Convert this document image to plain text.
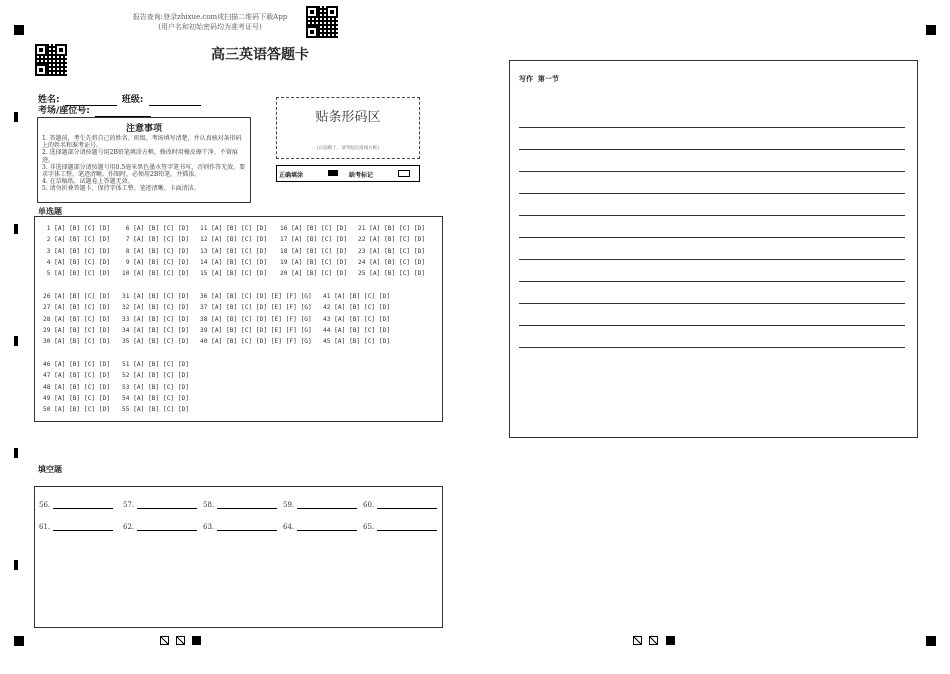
报告查询:登录zhixue.com或扫描二维码下载App
(用户名和初始密码均为准考证号)
高三英语答题卡
姓名:	班级:
考场/座位号:
注意事项
1. 答题前，考生先将自己的姓名、班级、考场填写清楚，并认真核对条形码上的姓名和准考证号。
2. 选择题部分请按题号用2B铅笔填涂方框，修改时用橡皮擦干净，不留痕迹。
3. 非选择题部分请按题号用0.5毫米黑色墨水签字笔书写，否则作答无效。要求字体工整、笔迹清晰。作图时，必须用2B铅笔，并描浓。
4. 在草稿纸、试题卷上答题无效。
5. 请勿折叠答题卡，保持字体工整、笔迹清晰、卡面清洁。
贴条形码区
(正面朝上，请勿贴出虚线方框)
正确填涂	缺考标记
单选题
1 [A] [B] [C] [D] 6 [A] [B] [C] [D] 11 [A] [B] [C] [D] 16 [A] [B] [C] [D] 21 [A] [B] [C] [D]
2 [A] [B] [C] [D] 7 [A] [B] [C] [D] 12 [A] [B] [C] [D] 17 [A] [B] [C] [D] 22 [A] [B] [C] [D]
3 [A] [B] [C] [D] 8 [A] [B] [C] [D] 13 [A] [B] [C] [D] 18 [A] [B] [C] [D] 23 [A] [B] [C] [D]
4 [A] [B] [C] [D] 9 [A] [B] [C] [D] 14 [A] [B] [C] [D] 19 [A] [B] [C] [D] 24 [A] [B] [C] [D]
5 [A] [B] [C] [D] 10 [A] [B] [C] [D] 15 [A] [B] [C] [D] 20 [A] [B] [C] [D] 25 [A] [B] [C] [D]
26 [A] [B] [C] [D] 31 [A] [B] [C] [D] 36 [A] [B] [C] [D] [E] [F] [G] 41 [A] [B] [C] [D]
27 [A] [B] [C] [D] 32 [A] [B] [C] [D] 37 [A] [B] [C] [D] [E] [F] [G] 42 [A] [B] [C] [D]
28 [A] [B] [C] [D] 33 [A] [B] [C] [D] 38 [A] [B] [C] [D] [E] [F] [G] 43 [A] [B] [C] [D]
29 [A] [B] [C] [D] 34 [A] [B] [C] [D] 39 [A] [B] [C] [D] [E] [F] [G] 44 [A] [B] [C] [D]
30 [A] [B] [C] [D] 35 [A] [B] [C] [D] 40 [A] [B] [C] [D] [E] [F] [G] 45 [A] [B] [C] [D]
46 [A] [B] [C] [D] 51 [A] [B] [C] [D]
47 [A] [B] [C] [D] 52 [A] [B] [C] [D]
48 [A] [B] [C] [D] 53 [A] [B] [C] [D]
49 [A] [B] [C] [D] 54 [A] [B] [C] [D]
50 [A] [B] [C] [D] 55 [A] [B] [C] [D]
填空题
56.	57.	58.	59.	60.
61.	62.	63.	64.	65.
写作  第一节
